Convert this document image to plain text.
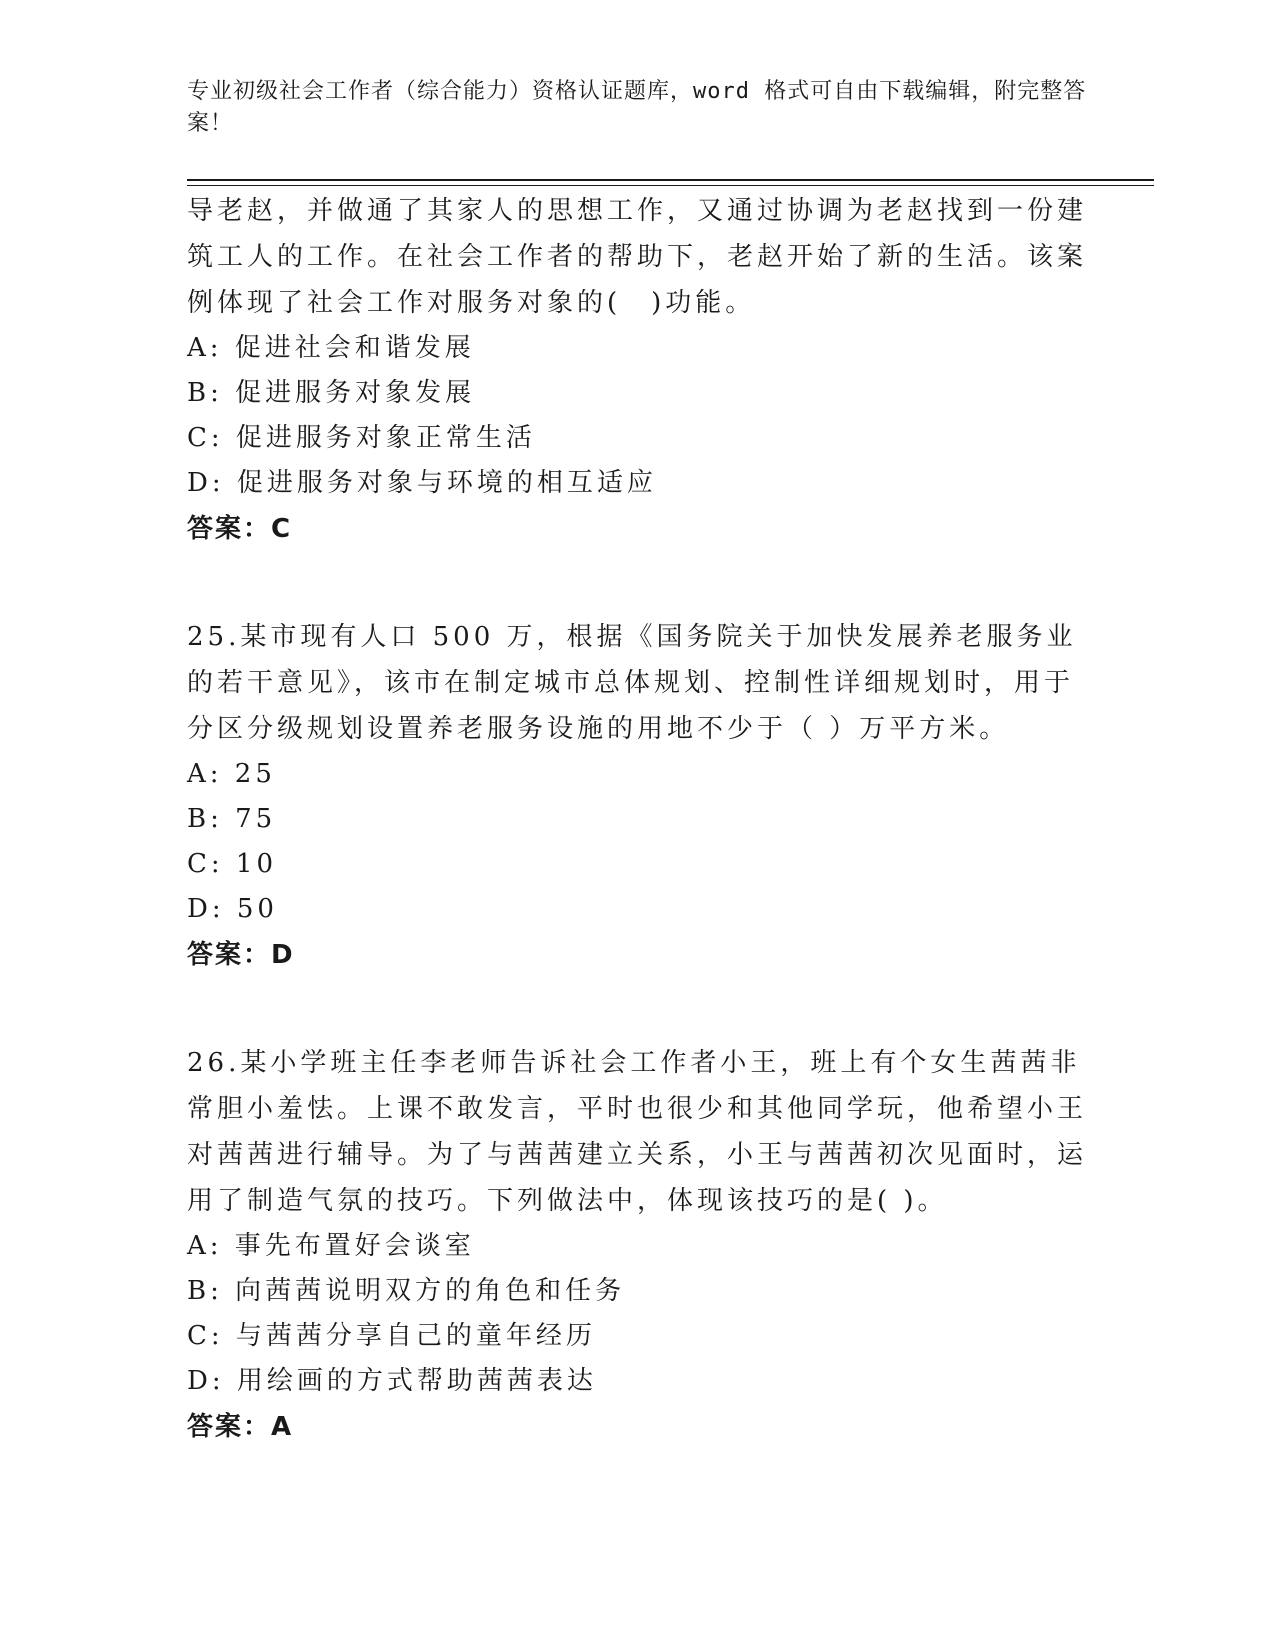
专业初级社会工作者（综合能力）资格认证题库，word 格式可自由下载编辑，附完整答案！

导老赵，并做通了其家人的思想工作，又通过协调为老赵找到一份建筑工人的工作。在社会工作者的帮助下，老赵开始了新的生活。该案例体现了社会工作对服务对象的(　)功能。

A: 促进社会和谐发展

B: 促进服务对象发展

C: 促进服务对象正常生活

D: 促进服务对象与环境的相互适应

答案：C

25.某市现有人口 500 万，根据《国务院关于加快发展养老服务业的若干意见》，该市在制定城市总体规划、控制性详细规划时，用于分区分级规划设置养老服务设施的用地不少于（ ）万平方米。

A: 25

B: 75

C: 10

D: 50

答案：D

26.某小学班主任李老师告诉社会工作者小王，班上有个女生茜茜非常胆小羞怯。上课不敢发言，平时也很少和其他同学玩，他希望小王对茜茜进行辅导。为了与茜茜建立关系，小王与茜茜初次见面时，运用了制造气氛的技巧。下列做法中，体现该技巧的是( )。

A: 事先布置好会谈室

B: 向茜茜说明双方的角色和任务

C: 与茜茜分享自己的童年经历

D: 用绘画的方式帮助茜茜表达

答案：A
